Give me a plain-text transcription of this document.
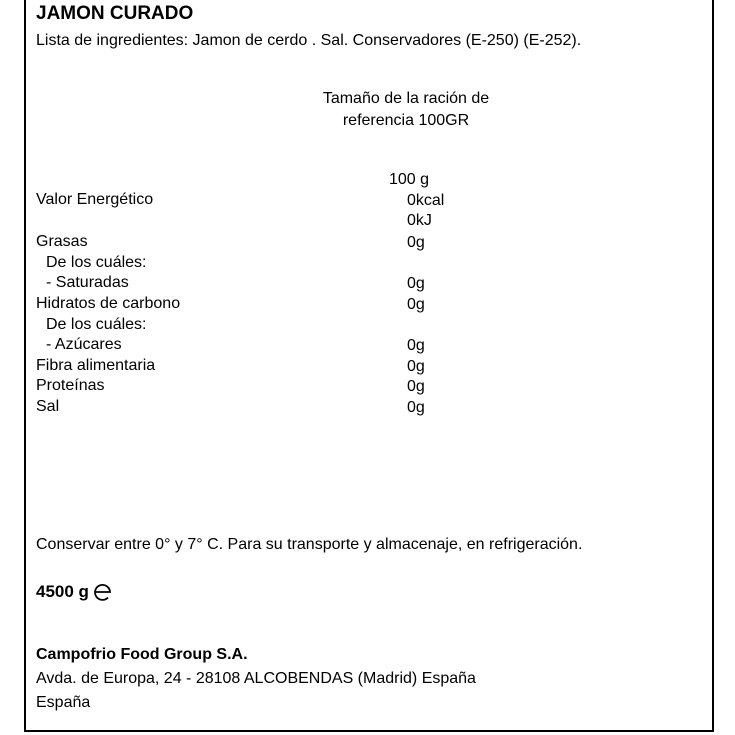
JAMON CURADO
Lista de ingredientes: Jamon de cerdo . Sal. Conservadores (E-250) (E-252).
Tamaño de la ración de
referencia 100GR
100 g
Valor Energético	0kcal
0kJ
Grasas	0g
De los cuáles:
- Saturadas	0g
Hidratos de carbono	0g
De los cuáles:
- Azúcares	0g
Fibra alimentaria	0g
Proteínas	0g
Sal	0g
Conservar entre 0° y 7° C. Para su transporte y almacenaje, en refrigeración.
4500 g
Campofrio Food Group S.A.
Avda. de Europa, 24 - 28108 ALCOBENDAS (Madrid) España
España
